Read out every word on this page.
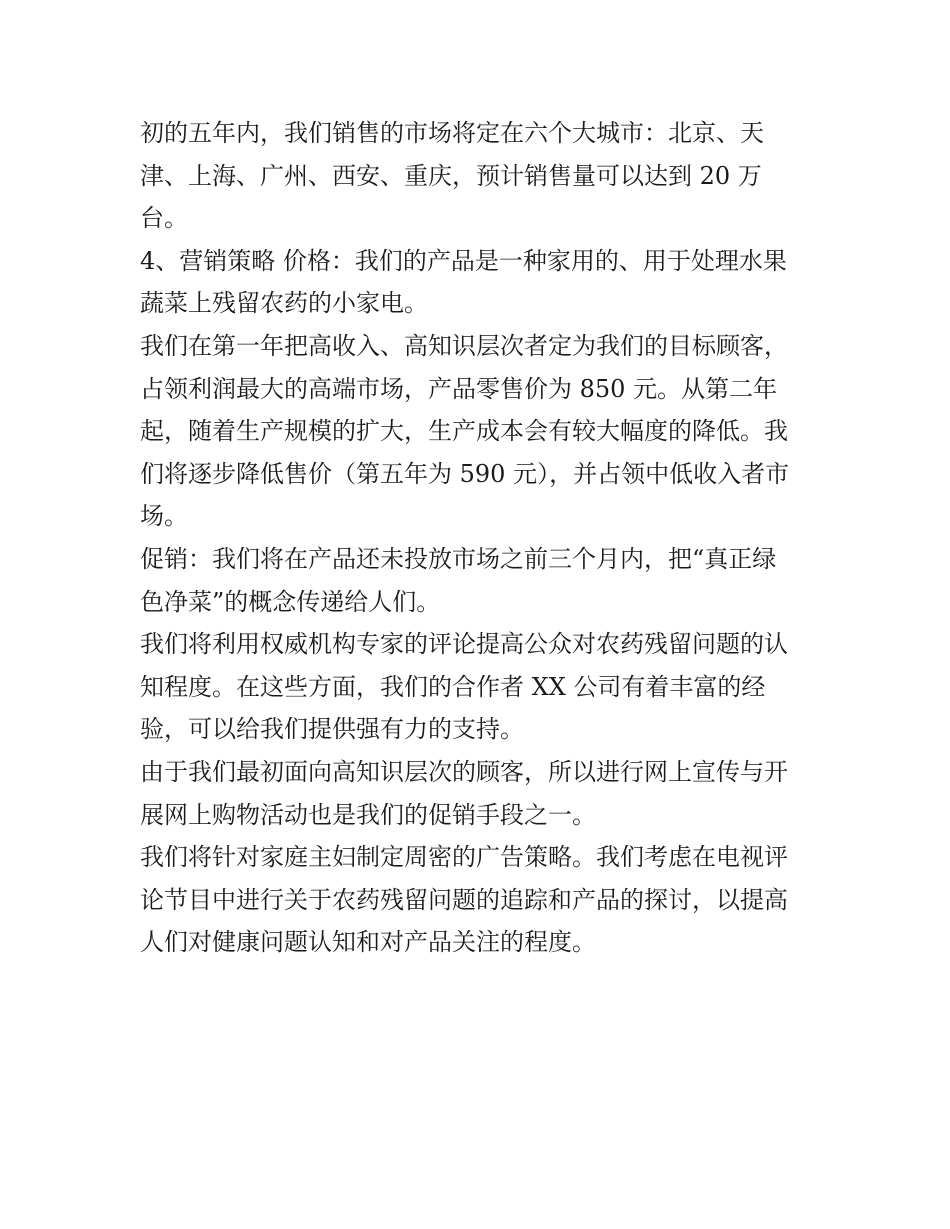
初的五年内，我们销售的市场将定在六个大城市：北京、天
津、上海、广州、西安、重庆，预计销售量可以达到 20 万
台。
4、营销策略 价格：我们的产品是一种家用的、用于处理水果
蔬菜上残留农药的小家电。
我们在第一年把高收入、高知识层次者定为我们的目标顾客，
占领利润最大的高端市场，产品零售价为 850 元。从第二年
起，随着生产规模的扩大，生产成本会有较大幅度的降低。我
们将逐步降低售价（第五年为 590 元），并占领中低收入者市
场。
促销：我们将在产品还未投放市场之前三个月内，把“真正绿
色净菜”的概念传递给人们。
我们将利用权威机构专家的评论提高公众对农药残留问题的认
知程度。在这些方面，我们的合作者 XX 公司有着丰富的经
验，可以给我们提供强有力的支持。
由于我们最初面向高知识层次的顾客，所以进行网上宣传与开
展网上购物活动也是我们的促销手段之一。
我们将针对家庭主妇制定周密的广告策略。我们考虑在电视评
论节目中进行关于农药残留问题的追踪和产品的探讨，以提高
人们对健康问题认知和对产品关注的程度。
